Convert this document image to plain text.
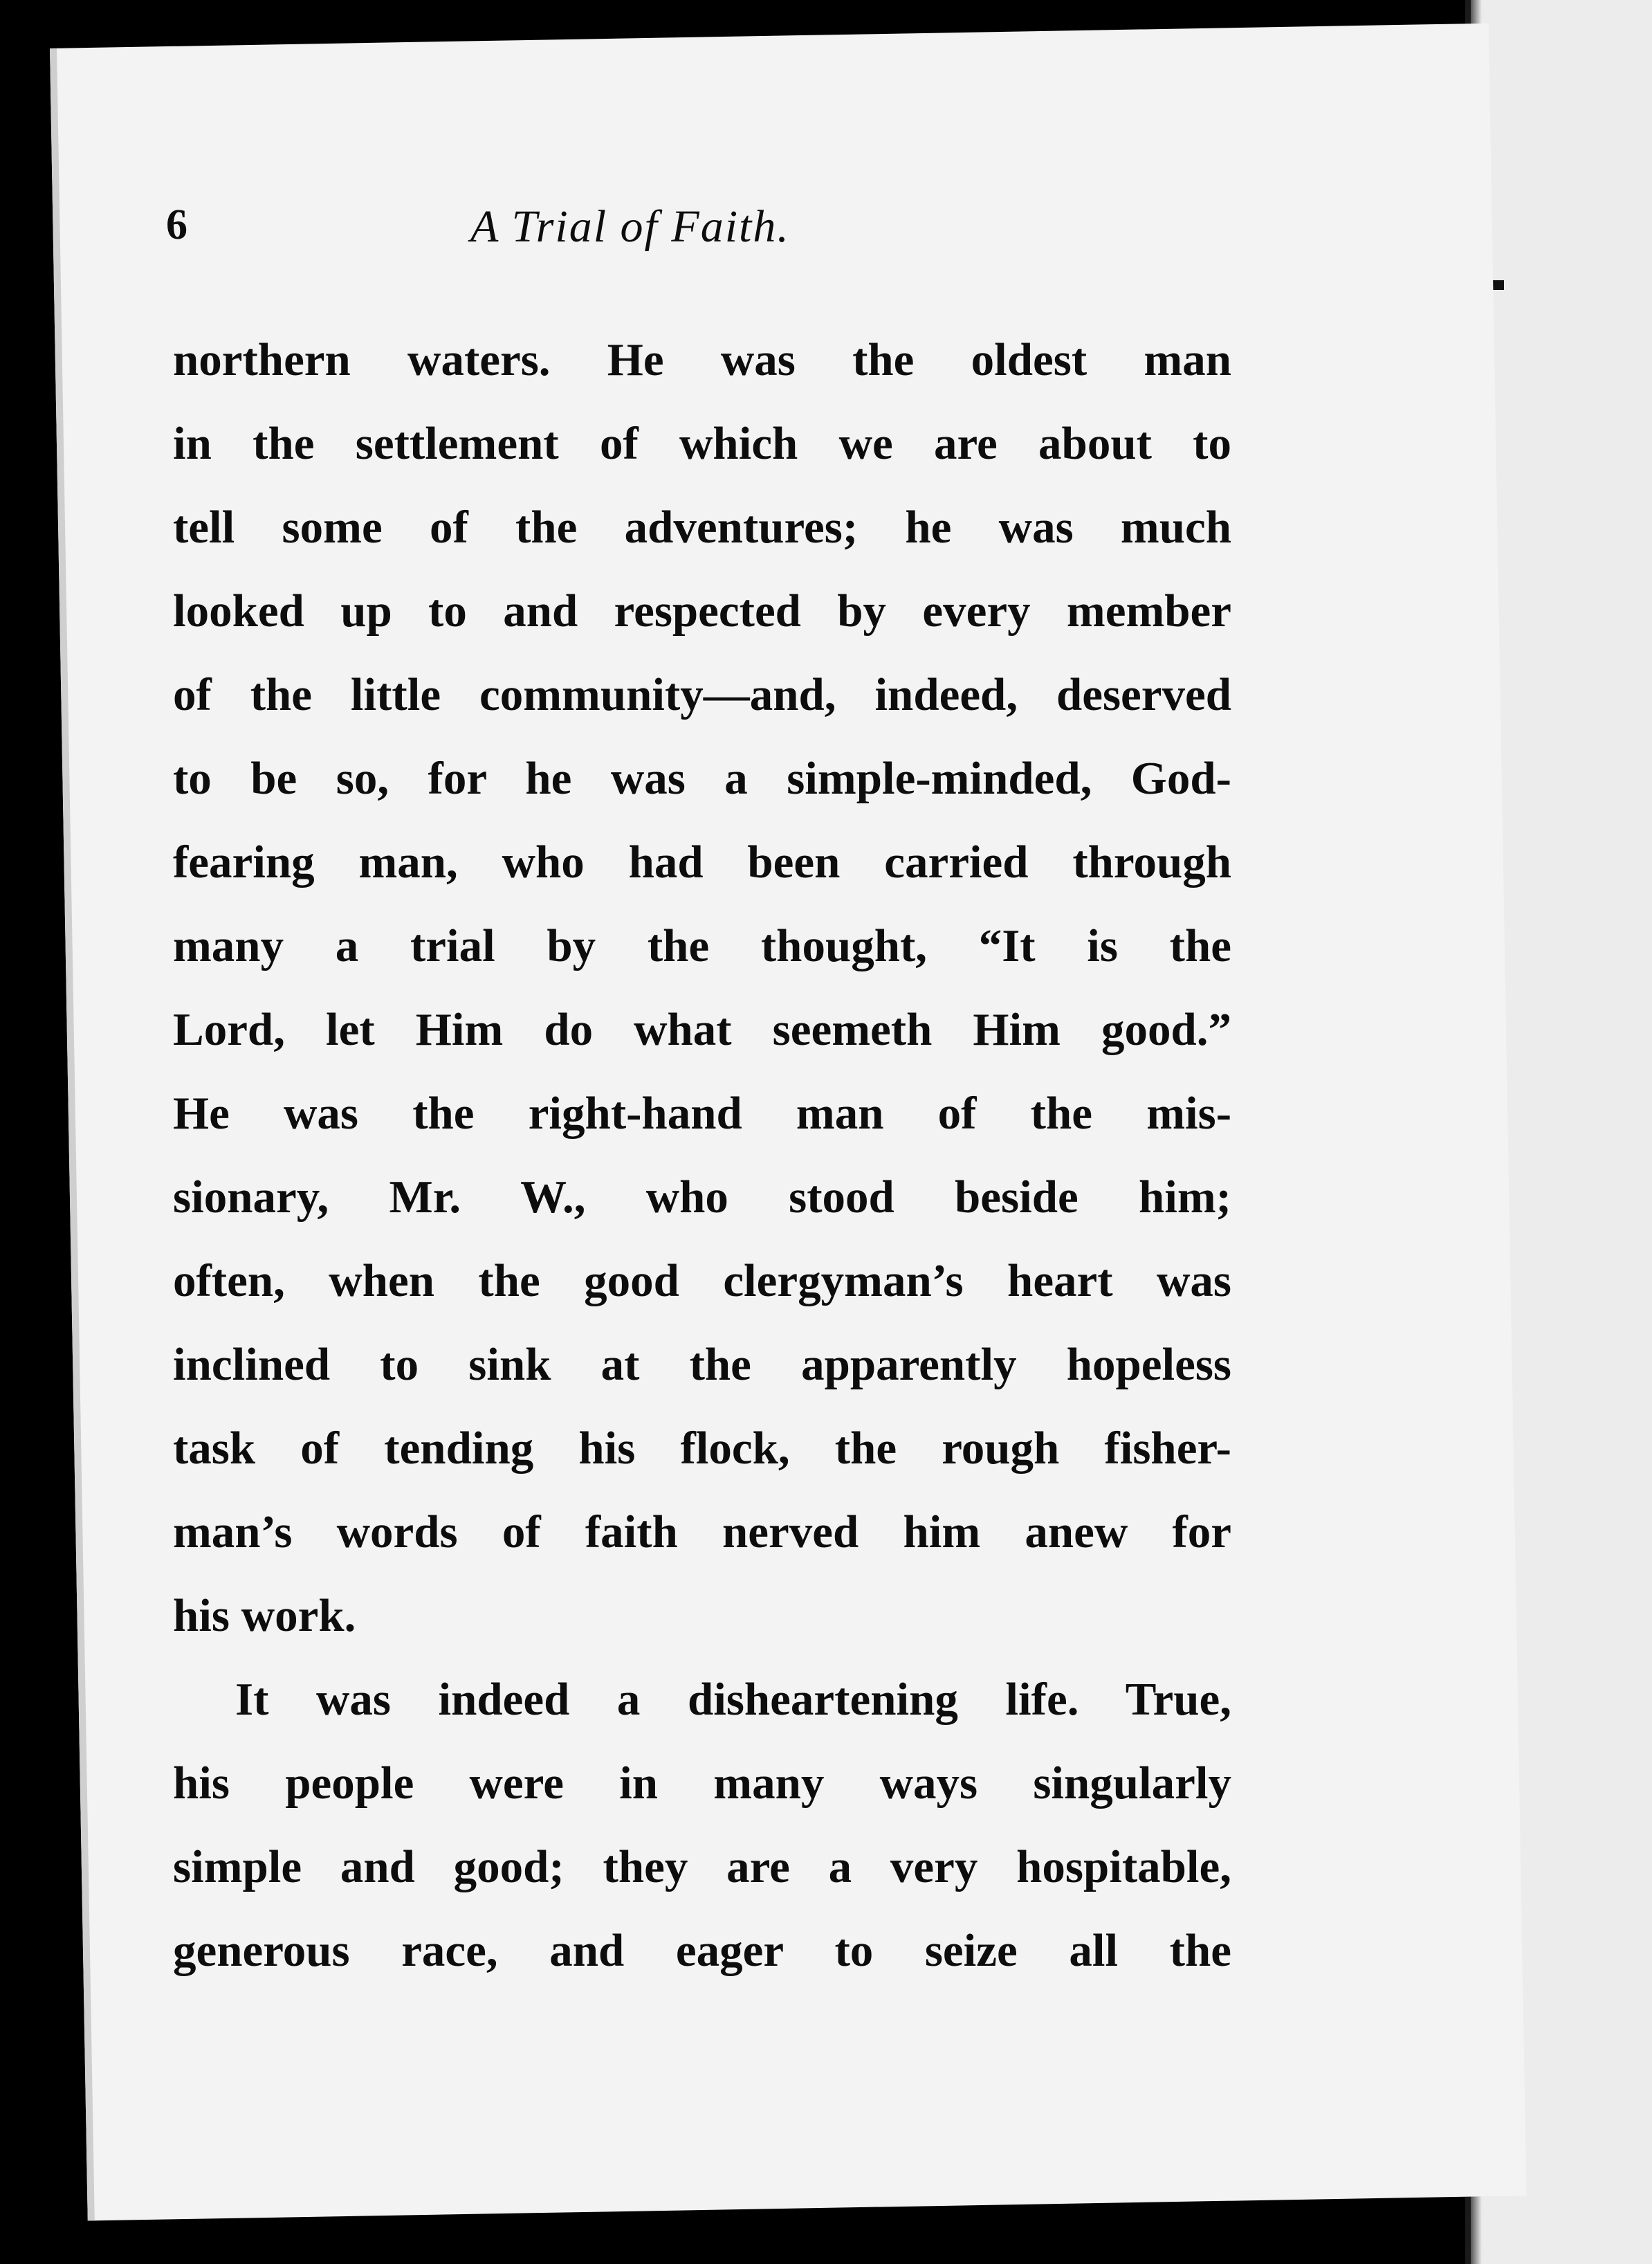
6	A Trial of Faith.
northern waters. He was the oldest man
in the settlement of which we are about to
tell some of the adventures; he was much
looked up to and respected by every member
of the little community—and, indeed, deserved
to be so, for he was a simple-minded, God-
fearing man, who had been carried through
many a trial by the thought, “It is the
Lord, let Him do what seemeth Him good.”
He was the right-hand man of the mis-
sionary, Mr. W., who stood beside him;
often, when the good clergyman’s heart was
inclined to sink at the apparently hopeless
task of tending his flock, the rough fisher-
man’s words of faith nerved him anew for
his work.
It was indeed a disheartening life. True,
his people were in many ways singularly
simple and good; they are a very hospitable,
generous race, and eager to seize all the
